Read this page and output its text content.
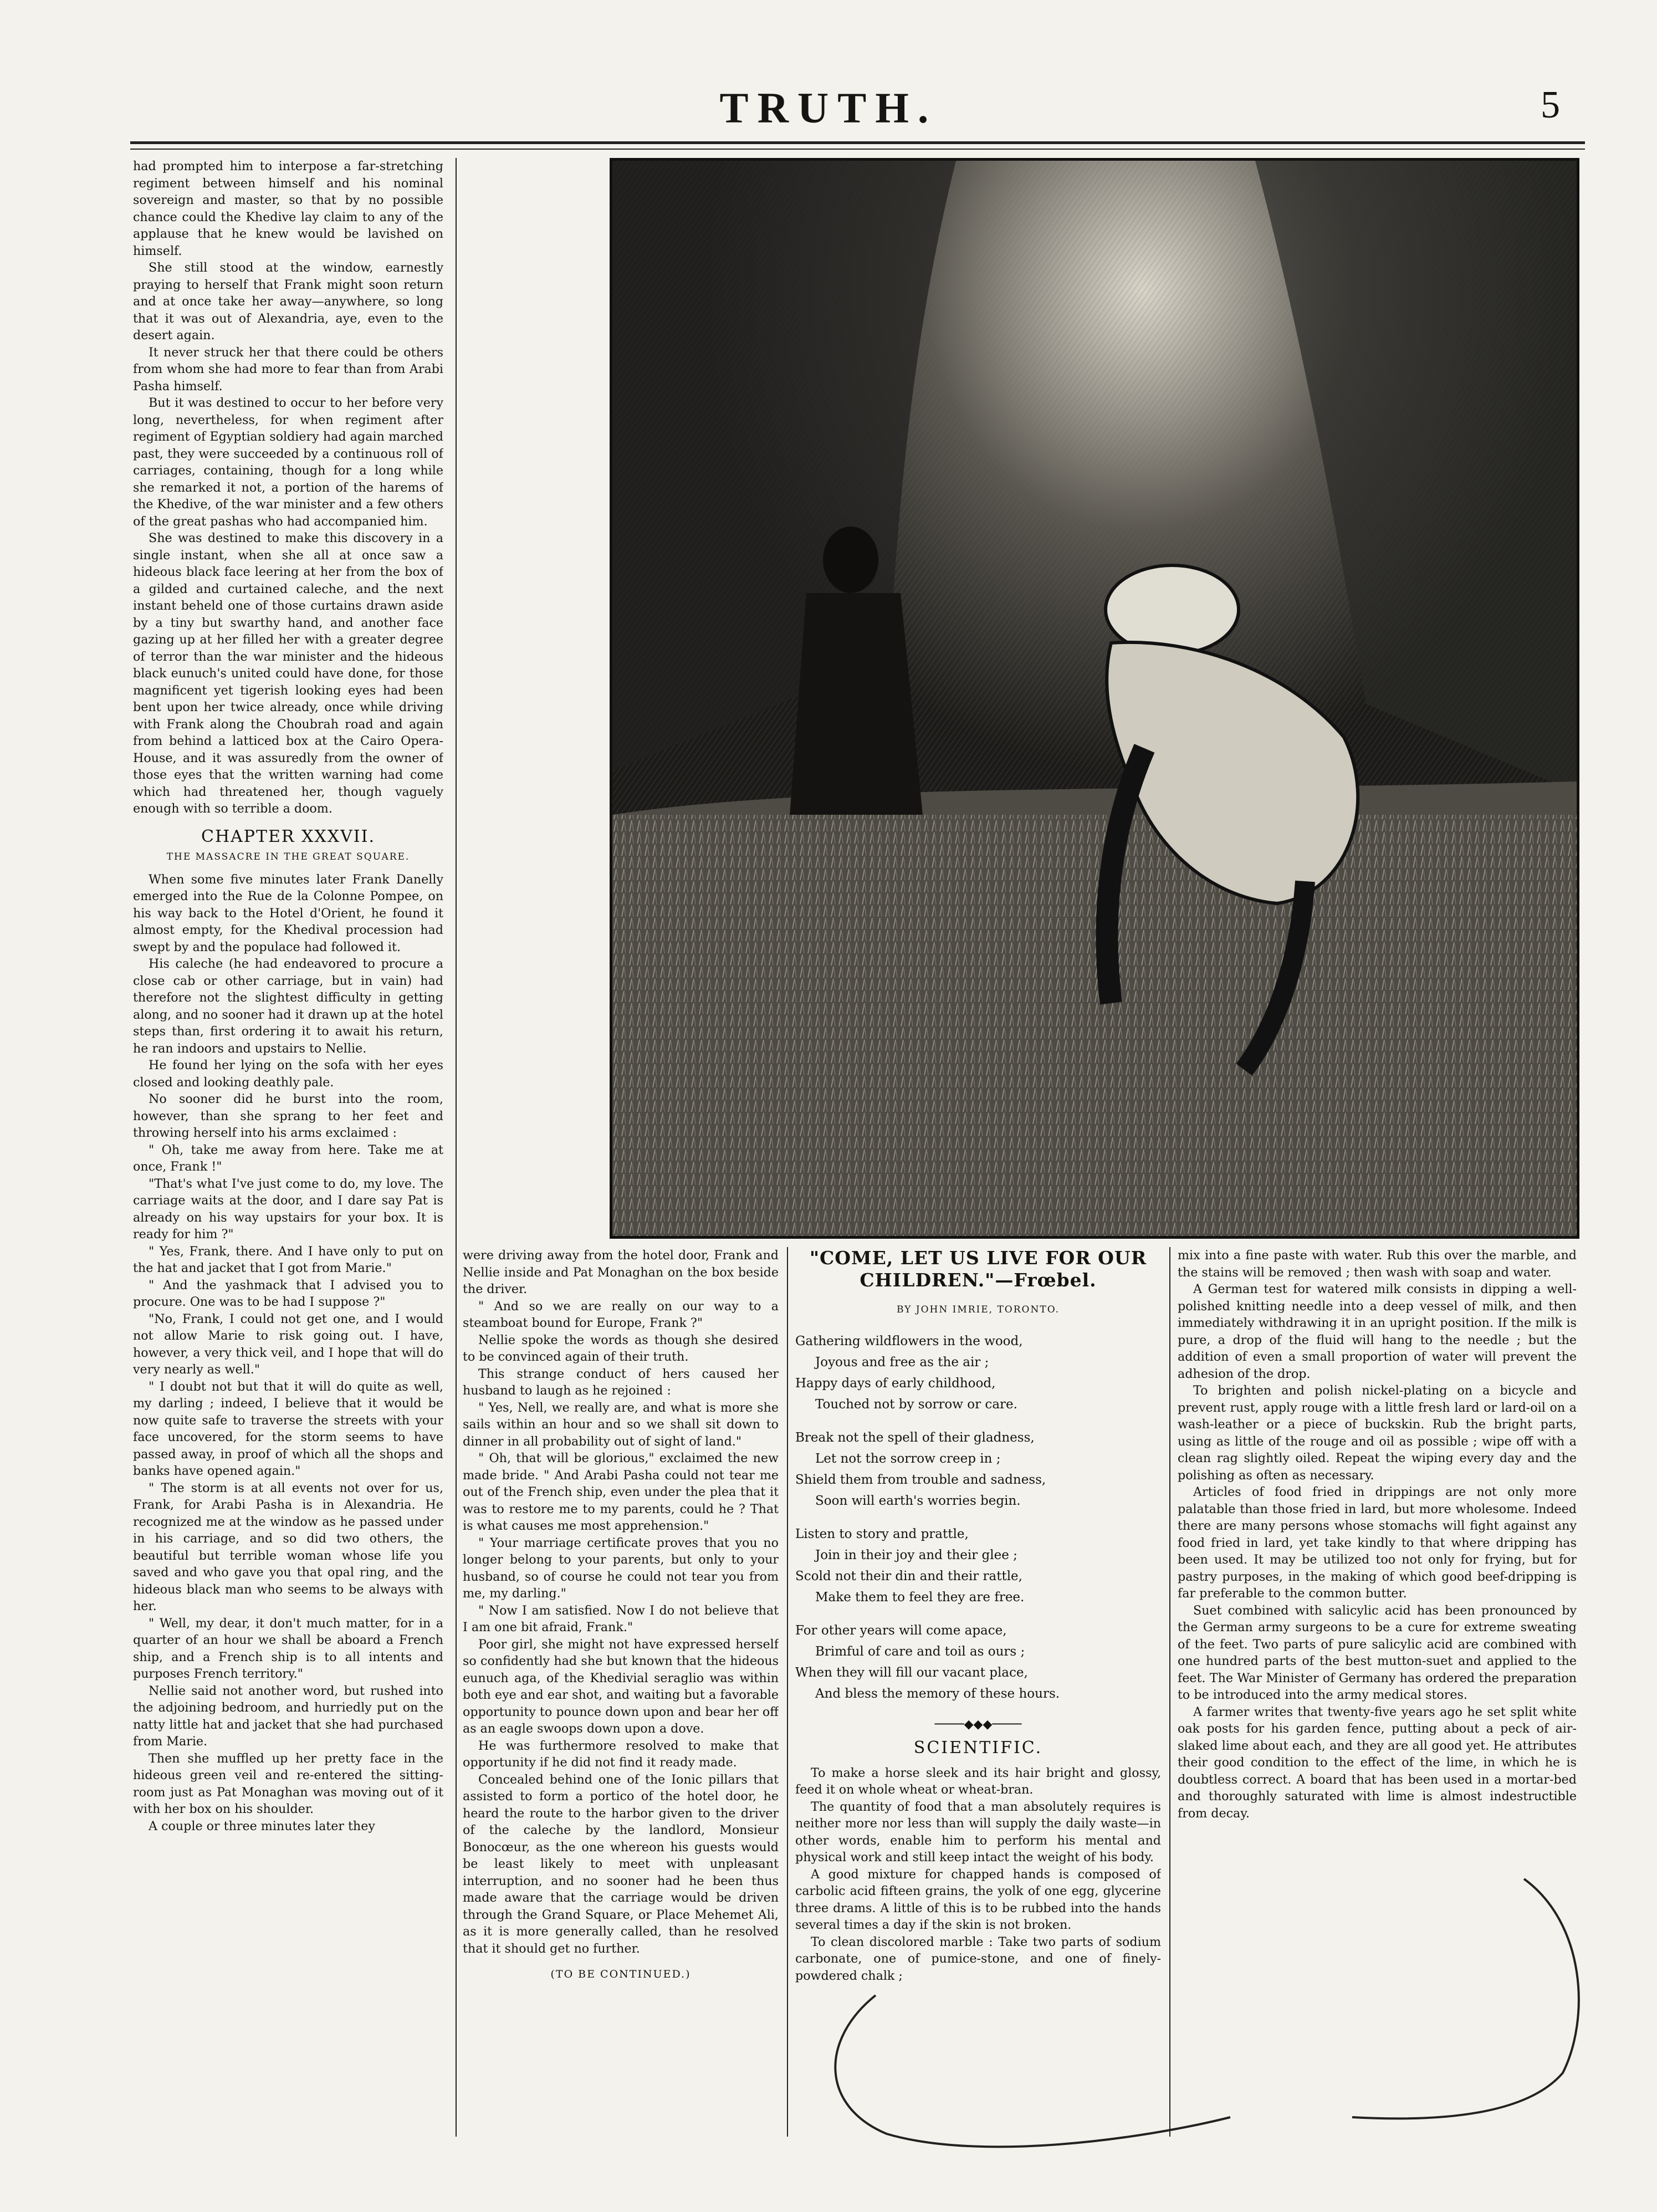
TRUTH.	5

had prompted him to interpose a far-stretching regiment between himself and his nominal sovereign and master, so that by no possible chance could the Khedive lay claim to any of the applause that he knew would be lavished on himself.

She still stood at the window, earnestly praying to herself that Frank might soon return and at once take her away—anywhere, so long that it was out of Alexandria, aye, even to the desert again.

It never struck her that there could be others from whom she had more to fear than from Arabi Pasha himself.

But it was destined to occur to her before very long, nevertheless, for when regiment after regiment of Egyptian soldiery had again marched past, they were succeeded by a continuous roll of carriages, containing, though for a long while she remarked it not, a portion of the harems of the Khedive, of the war minister and a few others of the great pashas who had accompanied him.

She was destined to make this discovery in a single instant, when she all at once saw a hideous black face leering at her from the box of a gilded and curtained caleche, and the next instant beheld one of those curtains drawn aside by a tiny but swarthy hand, and another face gazing up at her filled her with a greater degree of terror than the war minister and the hideous black eunuch's united could have done, for those magnificent yet tigerish looking eyes had been bent upon her twice already, once while driving with Frank along the Choubrah road and again from behind a latticed box at the Cairo Opera-House, and it was assuredly from the owner of those eyes that the written warning had come which had threatened her, though vaguely enough with so terrible a doom.

CHAPTER XXXVII.

THE MASSACRE IN THE GREAT SQUARE.

When some five minutes later Frank Danelly emerged into the Rue de la Colonne Pompee, on his way back to the Hotel d'Orient, he found it almost empty, for the Khedival procession had swept by and the populace had followed it.

His caleche (he had endeavored to procure a close cab or other carriage, but in vain) had therefore not the slightest difficulty in getting along, and no sooner had it drawn up at the hotel steps than, first ordering it to await his return, he ran indoors and upstairs to Nellie.

He found her lying on the sofa with her eyes closed and looking deathly pale.

No sooner did he burst into the room, however, than she sprang to her feet and throwing herself into his arms exclaimed :

" Oh, take me away from here. Take me at once, Frank !"

"That's what I've just come to do, my love. The carriage waits at the door, and I dare say Pat is already on his way upstairs for your box. It is ready for him ?"

" Yes, Frank, there. And I have only to put on the hat and jacket that I got from Marie."

" And the yashmack that I advised you to procure. One was to be had I suppose ?"

"No, Frank, I could not get one, and I would not allow Marie to risk going out. I have, however, a very thick veil, and I hope that will do very nearly as well."

" I doubt not but that it will do quite as well, my darling ; indeed, I believe that it would be now quite safe to traverse the streets with your face uncovered, for the storm seems to have passed away, in proof of which all the shops and banks have opened again."

" The storm is at all events not over for us, Frank, for Arabi Pasha is in Alexandria. He recognized me at the window as he passed under in his carriage, and so did two others, the beautiful but terrible woman whose life you saved and who gave you that opal ring, and the hideous black man who seems to be always with her.

" Well, my dear, it don't much matter, for in a quarter of an hour we shall be aboard a French ship, and a French ship is to all intents and purposes French territory."

Nellie said not another word, but rushed into the adjoining bedroom, and hurriedly put on the natty little hat and jacket that she had purchased from Marie.

Then she muffled up her pretty face in the hideous green veil and re-entered the sitting-room just as Pat Monaghan was moving out of it with her box on his shoulder.

A couple or three minutes later they

were driving away from the hotel door, Frank and Nellie inside and Pat Monaghan on the box beside the driver.

" And so we are really on our way to a steamboat bound for Europe, Frank ?"

Nellie spoke the words as though she desired to be convinced again of their truth.

This strange conduct of hers caused her husband to laugh as he rejoined :

" Yes, Nell, we really are, and what is more she sails within an hour and so we shall sit down to dinner in all probability out of sight of land."

" Oh, that will be glorious," exclaimed the new made bride. " And Arabi Pasha could not tear me out of the French ship, even under the plea that it was to restore me to my parents, could he ? That is what causes me most apprehension."

" Your marriage certificate proves that you no longer belong to your parents, but only to your husband, so of course he could not tear you from me, my darling."

" Now I am satisfied. Now I do not believe that I am one bit afraid, Frank."

Poor girl, she might not have expressed herself so confidently had she but known that the hideous eunuch aga, of the Khedivial seraglio was within both eye and ear shot, and waiting but a favorable opportunity to pounce down upon and bear her off as an eagle swoops down upon a dove.

He was furthermore resolved to make that opportunity if he did not find it ready made.

Concealed behind one of the Ionic pillars that assisted to form a portico of the hotel door, he heard the route to the harbor given to the driver of the caleche by the landlord, Monsieur Bonocœur, as the one whereon his guests would be least likely to meet with unpleasant interruption, and no sooner had he been thus made aware that the carriage would be driven through the Grand Square, or Place Mehemet Ali, as it is more generally called, than he resolved that it should get no further.

(TO BE CONTINUED.)

"COME, LET US LIVE FOR OUR CHILDREN."—Frœbel.

BY JOHN IMRIE, TORONTO.

Gathering wildflowers in the wood,

Joyous and free as the air ;

Happy days of early childhood,

Touched not by sorrow or care.

Break not the spell of their gladness,

Let not the sorrow creep in ;

Shield them from trouble and sadness,

Soon will earth's worries begin.

Listen to story and prattle,

Join in their joy and their glee ;

Scold not their din and their rattle,

Make them to feel they are free.

For other years will come apace,

Brimful of care and toil as ours ;

When they will fill our vacant place,

And bless the memory of these hours.

────◆◆◆────

SCIENTIFIC.

To make a horse sleek and its hair bright and glossy, feed it on whole wheat or wheat-bran.

The quantity of food that a man absolutely requires is neither more nor less than will supply the daily waste—in other words, enable him to perform his mental and physical work and still keep intact the weight of his body.

A good mixture for chapped hands is composed of carbolic acid fifteen grains, the yolk of one egg, glycerine three drams. A little of this is to be rubbed into the hands several times a day if the skin is not broken.

To clean discolored marble : Take two parts of sodium carbonate, one of pumice-stone, and one of finely-powdered chalk ;

mix into a fine paste with water. Rub this over the marble, and the stains will be removed ; then wash with soap and water.

A German test for watered milk consists in dipping a well-polished knitting needle into a deep vessel of milk, and then immediately withdrawing it in an upright position. If the milk is pure, a drop of the fluid will hang to the needle ; but the addition of even a small proportion of water will prevent the adhesion of the drop.

To brighten and polish nickel-plating on a bicycle and prevent rust, apply rouge with a little fresh lard or lard-oil on a wash-leather or a piece of buckskin. Rub the bright parts, using as little of the rouge and oil as possible ; wipe off with a clean rag slightly oiled. Repeat the wiping every day and the polishing as often as necessary.

Articles of food fried in drippings are not only more palatable than those fried in lard, but more wholesome. Indeed there are many persons whose stomachs will fight against any food fried in lard, yet take kindly to that where dripping has been used. It may be utilized too not only for frying, but for pastry purposes, in the making of which good beef-dripping is far preferable to the common butter.

Suet combined with salicylic acid has been pronounced by the German army surgeons to be a cure for extreme sweating of the feet. Two parts of pure salicylic acid are combined with one hundred parts of the best mutton-suet and applied to the feet. The War Minister of Germany has ordered the preparation to be introduced into the army medical stores.

A farmer writes that twenty-five years ago he set split white oak posts for his garden fence, putting about a peck of air-slaked lime about each, and they are all good yet. He attributes their good condition to the effect of the lime, in which he is doubtless correct. A board that has been used in a mortar-bed and thoroughly saturated with lime is almost indestructible from decay.
